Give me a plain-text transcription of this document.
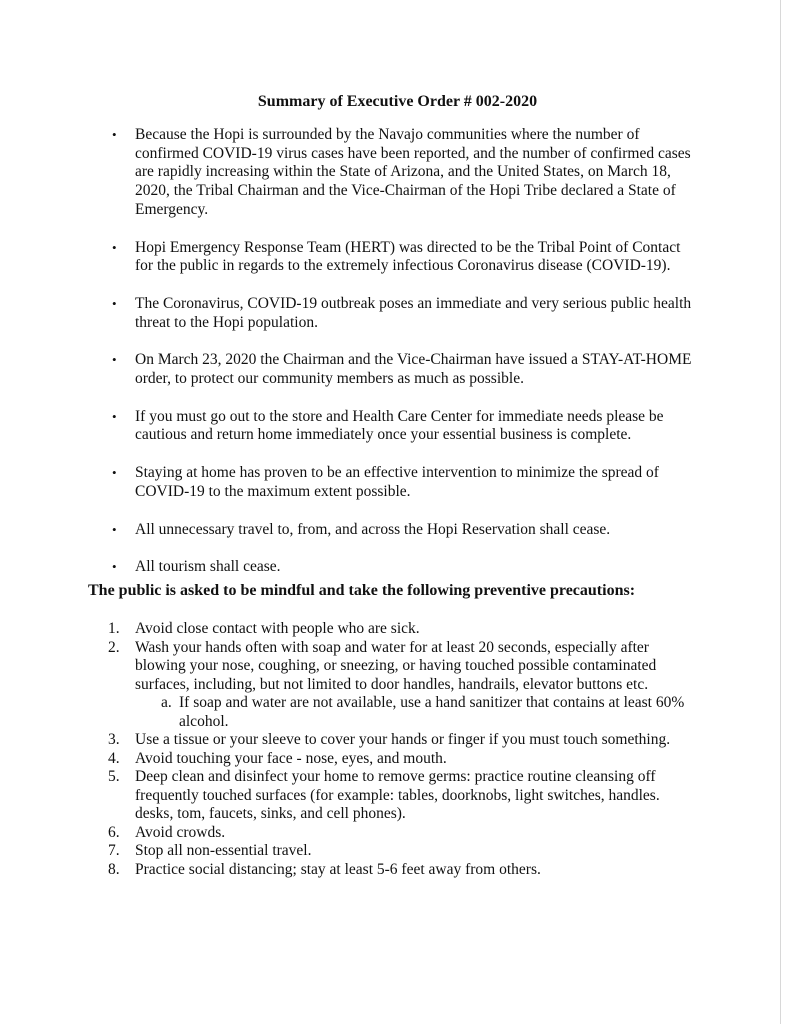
Summary of Executive Order # 002-2020
• Because the Hopi is surrounded by the Navajo communities where the number of confirmed COVID-19 virus cases have been reported, and the number of confirmed cases are rapidly increasing within the State of Arizona, and the United States, on March 18, 2020, the Tribal Chairman and the Vice-Chairman of the Hopi Tribe declared a State of Emergency.
• Hopi Emergency Response Team (HERT) was directed to be the Tribal Point of Contact for the public in regards to the extremely infectious Coronavirus disease (COVID-19).
• The Coronavirus, COVID-19 outbreak poses an immediate and very serious public health threat to the Hopi population.
• On March 23, 2020 the Chairman and the Vice-Chairman have issued a STAY-AT-HOME order, to protect our community members as much as possible.
• If you must go out to the store and Health Care Center for immediate needs please be cautious and return home immediately once your essential business is complete.
• Staying at home has proven to be an effective intervention to minimize the spread of COVID-19 to the maximum extent possible.
• All unnecessary travel to, from, and across the Hopi Reservation shall cease.
• All tourism shall cease.
The public is asked to be mindful and take the following preventive precautions:
1. Avoid close contact with people who are sick.
2. Wash your hands often with soap and water for at least 20 seconds, especially after blowing your nose, coughing, or sneezing, or having touched possible contaminated surfaces, including, but not limited to door handles, handrails, elevator buttons etc.
a. If soap and water are not available, use a hand sanitizer that contains at least 60% alcohol.
3. Use a tissue or your sleeve to cover your hands or finger if you must touch something.
4. Avoid touching your face - nose, eyes, and mouth.
5. Deep clean and disinfect your home to remove germs: practice routine cleansing off frequently touched surfaces (for example: tables, doorknobs, light switches, handles. desks, tom, faucets, sinks, and cell phones).
6. Avoid crowds.
7. Stop all non-essential travel.
8. Practice social distancing; stay at least 5-6 feet away from others.
